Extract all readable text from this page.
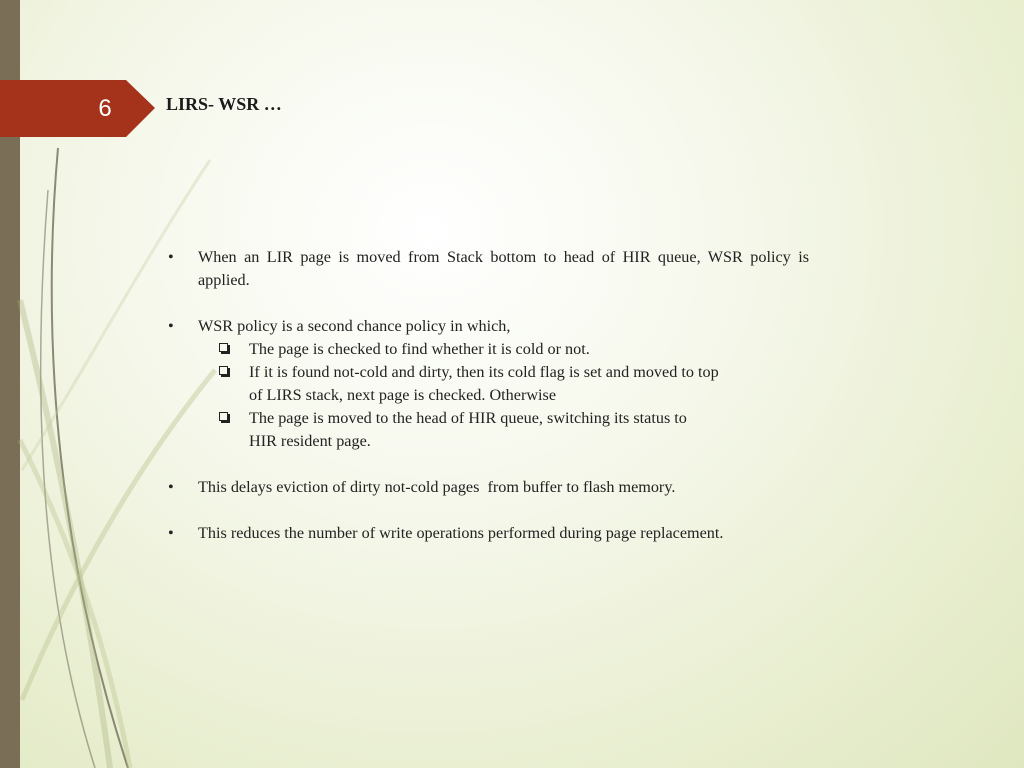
6	LIRS- WSR …
• When an LIR page is moved from Stack bottom to head of HIR queue, WSR policy is applied.
• WSR policy is a second chance policy in which,
The page is checked to find whether it is cold or not.
If it is found not-cold and dirty, then its cold flag is set and moved to top
of LIRS stack, next page is checked. Otherwise
The page is moved to the head of HIR queue, switching its status to
HIR resident page.
• This delays eviction of dirty not-cold pages  from buffer to flash memory.
• This reduces the number of write operations performed during page replacement.
